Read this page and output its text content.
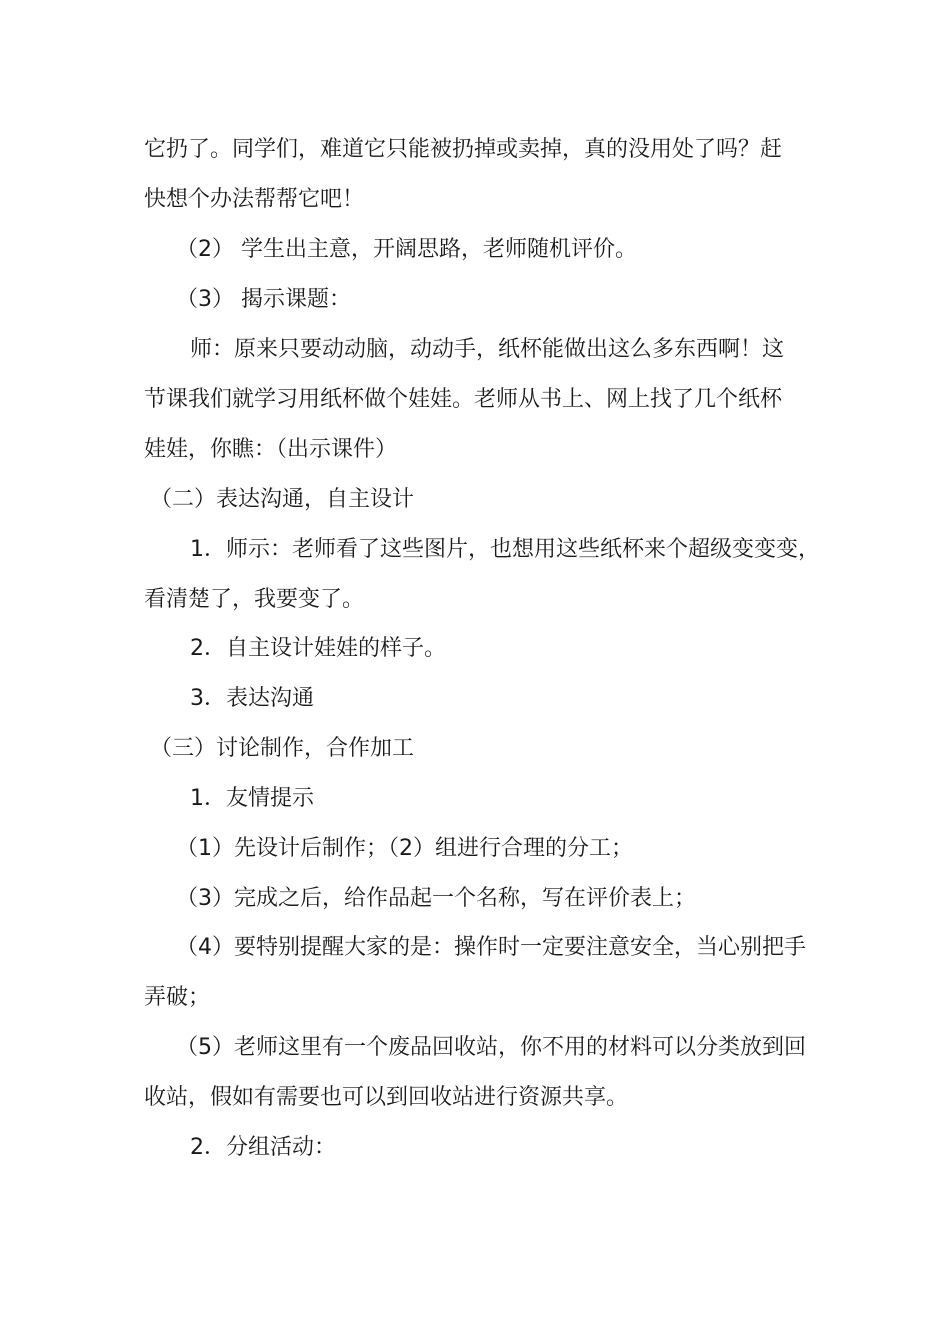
它扔了。同学们，难道它只能被扔掉或卖掉，真的没用处了吗？赶
快想个办法帮帮它吧！
（2） 学生出主意，开阔思路，老师随机评价。
（3） 揭示课题：
师：原来只要动动脑，动动手，纸杯能做出这么多东西啊！这
节课我们就学习用纸杯做个娃娃。老师从书上、网上找了几个纸杯
娃娃，你瞧：（出示课件）
（二）表达沟通，自主设计
1．师示：老师看了这些图片，也想用这些纸杯来个超级变变变，
看清楚了，我要变了。
2．自主设计娃娃的样子。
3．表达沟通
（三）讨论制作，合作加工
1．友情提示
（1）先设计后制作；（2）组进行合理的分工；
（3）完成之后，给作品起一个名称，写在评价表上；
（4）要特别提醒大家的是：操作时一定要注意安全，当心别把手
弄破；
（5）老师这里有一个废品回收站，你不用的材料可以分类放到回
收站，假如有需要也可以到回收站进行资源共享。
2．分组活动：
